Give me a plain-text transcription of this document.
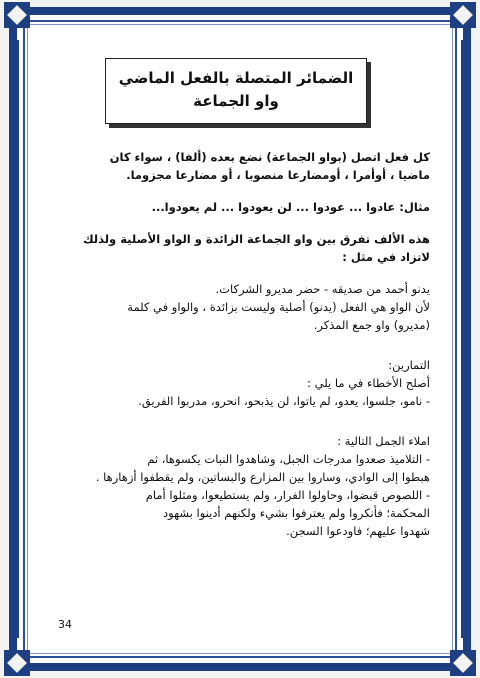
الضمائر المتصلة بالفعل الماضي
واو الجماعة

كل فعل اتصل (بواو الجماعة) نضع بعده (ألفا) ، سواء كان

ماضيا ، أوأمرا ، أومضارعا منصوبا ، أو مضارعا مجزوما.

مثال: عادوا ... عودوا ... لن يعودوا ... لم يعودوا...

هذه الألف تفرق بين واو الجماعة الزائدة و الواو الأصلية ولذلك

لاتزاد في مثل :

يدنو أحمد من صديقه - حضر مديرو الشركات.

لأن الواو هي الفعل (يدنو) أصلية وليست بزائدة ، والواو في كلمة

(مديرو) واو جمع المذكر.

التمارين:

أصلح الأخطاء في ما يلي :

- نامو، جلسوا، يعدو، لم ياتوا، لن يذبحو، انحرو، مدربوا الفريق.

املاء الجمل التالية :

- التلاميذ صعدوا مدرجات الجبل، وشاهدوا النبات يكسوها، ثم

هبطوا إلى الوادي، وساروا بين المزارع والبساتين، ولم يقطفوا أزهارها .

- اللصوص قبضوا، وحاولوا الفرار، ولم يستطيعوا، ومثلوا أمام

المحكمة؛ فأنكروا ولم يعترفوا بشيء ولكنهم أدينوا بشهود

شهدوا عليهم؛ فاودعوا السجن.

34
